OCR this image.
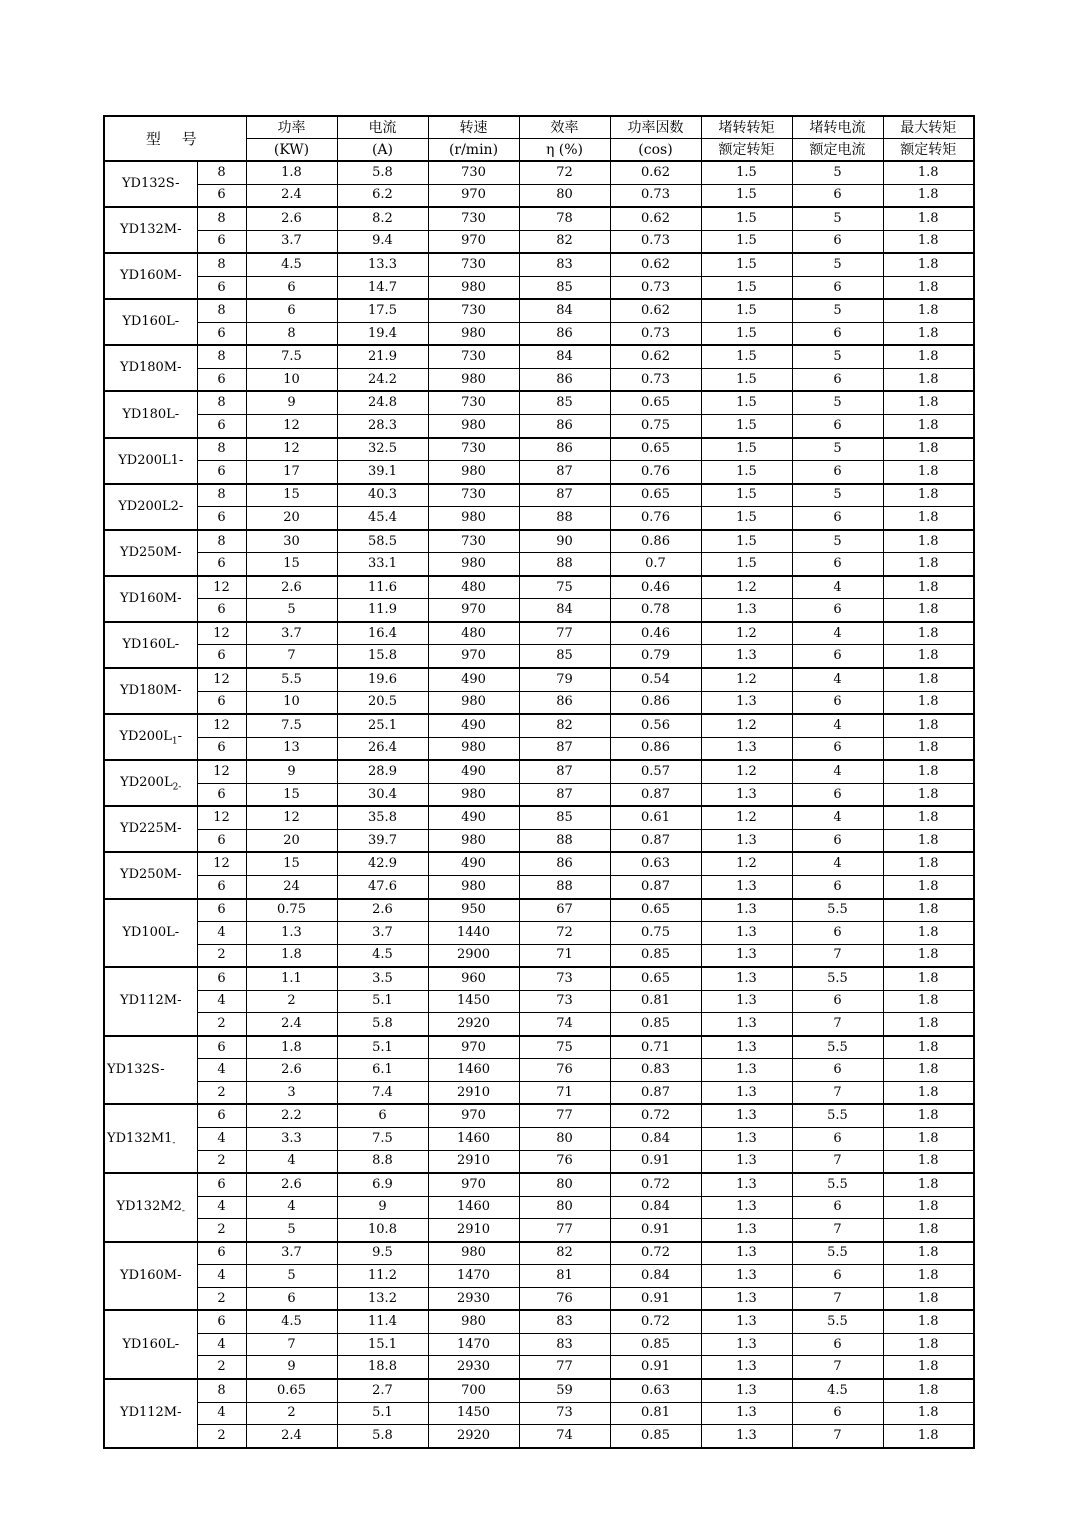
型 号		功率	电流	转速	效率	功率因数	堵转转矩	堵转电流	最大转矩
		(KW)	(A)	(r/min)	η (%)	(cos)	额定转矩	额定电流	额定转矩
YD132S-	8	1.8	5.8	730	72	0.62	1.5	5	1.8
	6	2.4	6.2	970	80	0.73	1.5	6	1.8
YD132M-	8	2.6	8.2	730	78	0.62	1.5	5	1.8
	6	3.7	9.4	970	82	0.73	1.5	6	1.8
YD160M-	8	4.5	13.3	730	83	0.62	1.5	5	1.8
	6	6	14.7	980	85	0.73	1.5	6	1.8
YD160L-	8	6	17.5	730	84	0.62	1.5	5	1.8
	6	8	19.4	980	86	0.73	1.5	6	1.8
YD180M-	8	7.5	21.9	730	84	0.62	1.5	5	1.8
	6	10	24.2	980	86	0.73	1.5	6	1.8
YD180L-	8	9	24.8	730	85	0.65	1.5	5	1.8
	6	12	28.3	980	86	0.75	1.5	6	1.8
YD200L1-	8	12	32.5	730	86	0.65	1.5	5	1.8
	6	17	39.1	980	87	0.76	1.5	6	1.8
YD200L2-	8	15	40.3	730	87	0.65	1.5	5	1.8
	6	20	45.4	980	88	0.76	1.5	6	1.8
YD250M-	8	30	58.5	730	90	0.86	1.5	5	1.8
	6	15	33.1	980	88	0.7	1.5	6	1.8
YD160M-	12	2.6	11.6	480	75	0.46	1.2	4	1.8
	6	5	11.9	970	84	0.78	1.3	6	1.8
YD160L-	12	3.7	16.4	480	77	0.46	1.2	4	1.8
	6	7	15.8	970	85	0.79	1.3	6	1.8
YD180M-	12	5.5	19.6	490	79	0.54	1.2	4	1.8
	6	10	20.5	980	86	0.86	1.3	6	1.8
$YD200L_1-$	12	7.5	25.1	490	82	0.56	1.2	4	1.8
	6	13	26.4	980	87	0.86	1.3	6	1.8
$YD200L_{2-}$	12	9	28.9	490	87	0.57	1.2	4	1.8
	6	15	30.4	980	87	0.87	1.3	6	1.8
YD225M-	12	12	35.8	490	85	0.61	1.2	4	1.8
	6	20	39.7	980	88	0.87	1.3	6	1.8
YD250M-	12	15	42.9	490	86	0.63	1.2	4	1.8
	6	24	47.6	980	88	0.87	1.3	6	1.8
YD100L-	6	0.75	2.6	950	67	0.65	1.3	5.5	1.8
	4	1.3	3.7	1440	72	0.75	1.3	6	1.8
	2	1.8	4.5	2900	71	0.85	1.3	7	1.8
YD112M-	6	1.1	3.5	960	73	0.65	1.3	5.5	1.8
	4	2	5.1	1450	73	0.81	1.3	6	1.8
	2	2.4	5.8	2920	74	0.85	1.3	7	1.8
YD132S-	6	1.8	5.1	970	75	0.71	1.3	5.5	1.8
	4	2.6	6.1	1460	76	0.83	1.3	6	1.8
	2	3	7.4	2910	71	0.87	1.3	7	1.8
$YD132M1_-$	6	2.2	6	970	77	0.72	1.3	5.5	1.8
	4	3.3	7.5	1460	80	0.84	1.3	6	1.8
	2	4	8.8	2910	76	0.91	1.3	7	1.8
$YD132M2_-$	6	2.6	6.9	970	80	0.72	1.3	5.5	1.8
	4	4	9	1460	80	0.84	1.3	6	1.8
	2	5	10.8	2910	77	0.91	1.3	7	1.8
YD160M-	6	3.7	9.5	980	82	0.72	1.3	5.5	1.8
	4	5	11.2	1470	81	0.84	1.3	6	1.8
	2	6	13.2	2930	76	0.91	1.3	7	1.8
YD160L-	6	4.5	11.4	980	83	0.72	1.3	5.5	1.8
	4	7	15.1	1470	83	0.85	1.3	6	1.8
	2	9	18.8	2930	77	0.91	1.3	7	1.8
YD112M-	8	0.65	2.7	700	59	0.63	1.3	4.5	1.8
	4	2	5.1	1450	73	0.81	1.3	6	1.8
	2	2.4	5.8	2920	74	0.85	1.3	7	1.8
